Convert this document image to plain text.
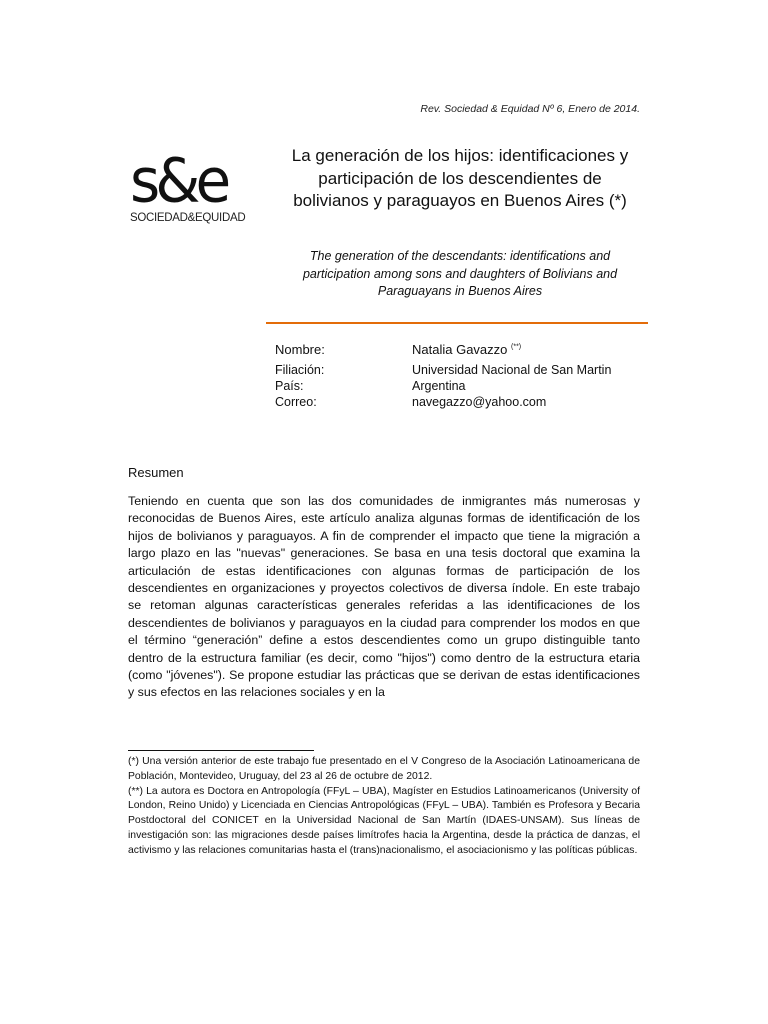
Rev. Sociedad & Equidad Nº 6, Enero de 2014.
s&e
SOCIEDAD&EQUIDAD
La generación de los hijos: identificaciones y participación de los descendientes de bolivianos y paraguayos en Buenos Aires (*)
The generation of the descendants: identifications and participation among sons and daughters of Bolivians and Paraguayans in Buenos Aires
Nombre:	Natalia Gavazzo (**)
Filiación:	Universidad Nacional de San Martin
País:	Argentina
Correo:	navegazzo@yahoo.com
Resumen

Teniendo en cuenta que son las dos comunidades de inmigrantes más numerosas y reconocidas de Buenos Aires, este artículo analiza algunas formas de identificación de los hijos de bolivianos y paraguayos. A fin de comprender el impacto que tiene la migración a largo plazo en las "nuevas" generaciones. Se basa en una tesis doctoral que examina la articulación de estas identificaciones con algunas formas de participación de los descendientes en organizaciones y proyectos colectivos de diversa índole. En este trabajo se retoman algunas características generales referidas a las identificaciones de los descendientes de bolivianos y paraguayos en la ciudad para comprender los modos en que el término “generación” define a estos descendientes como un grupo distinguible tanto dentro de la estructura familiar (es decir, como "hijos") como dentro de la estructura etaria (como "jóvenes"). Se propone estudiar las prácticas que se derivan de estas identificaciones y sus efectos en las relaciones sociales y en la

(*) Una versión anterior de este trabajo fue presentado en el V Congreso de la Asociación Latinoamericana de Población, Montevideo, Uruguay, del 23 al 26 de octubre de 2012.

(**) La autora es Doctora en Antropología (FFyL – UBA), Magíster en Estudios Latinoamericanos (University of London, Reino Unido) y Licenciada en Ciencias Antropológicas (FFyL – UBA). También es Profesora y Becaria Postdoctoral del CONICET en la Universidad Nacional de San Martín (IDAES-UNSAM). Sus líneas de investigación son: las migraciones desde países limítrofes hacia la Argentina, desde la práctica de danzas, el activismo y las relaciones comunitarias hasta el (trans)nacionalismo, el asociacionismo y las políticas públicas.
